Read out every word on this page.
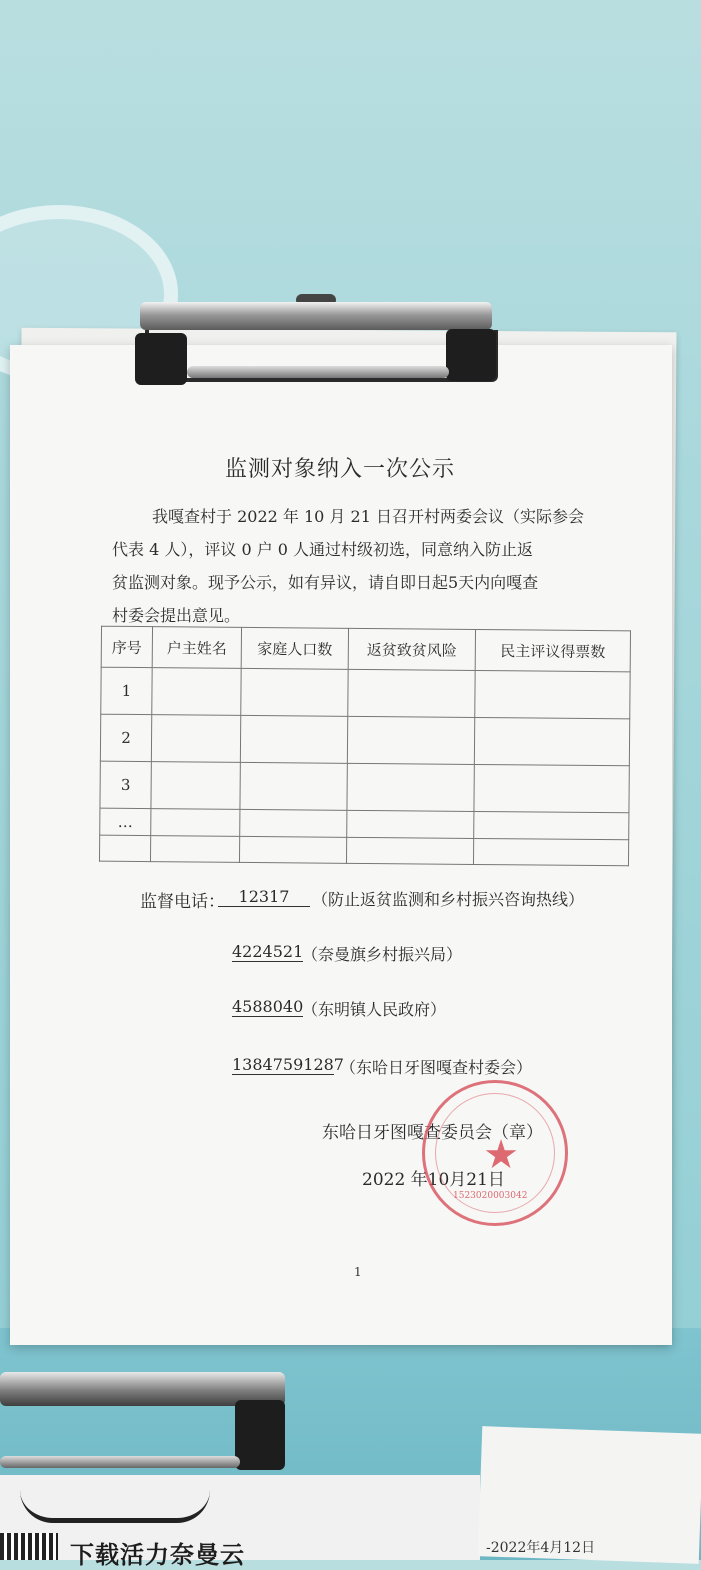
监测对象纳入一次公示
我嘎查村于 2022 年 10 月 21 日召开村两委会议（实际参会
代表 4 人），评议 0 户 0 人通过村级初选，同意纳入防止返
贫监测对象。现予公示，如有异议，请自即日起5天内向嘎查
村委会提出意见。
序号	户主姓名	家庭人口数	返贫致贫风险	民主评议得票数
1				
2				
3				
…				

监督电话： 12317	（防止返贫监测和乡村振兴咨询热线）
4224521
（奈曼旗乡村振兴局）
4588040
（东明镇人民政府）
13847591287
（东哈日牙图嘎查村委会）
东哈日牙图嘎查委员会（章）
2022 年10月21日
★
1523020003042
1
下载活力奈曼云	-2022年4月12日
